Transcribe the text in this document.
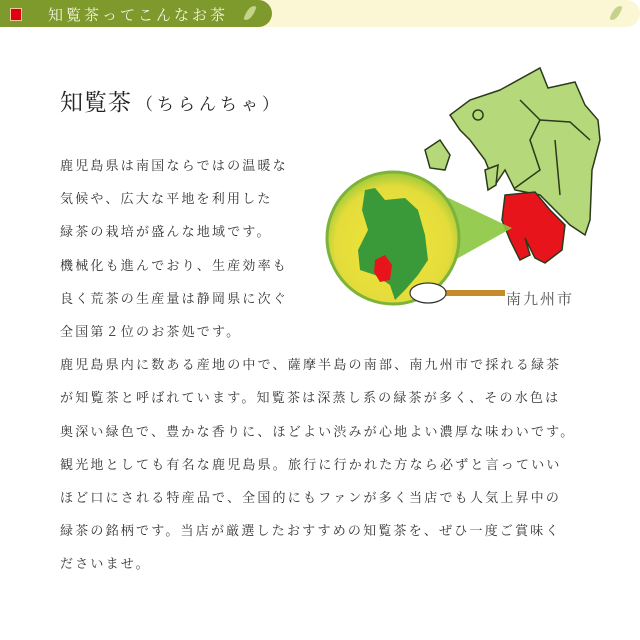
知覧茶ってこんなお茶
知覧茶 （ちらんちゃ）

鹿児島県は南国ならではの温暖な

気候や、広大な平地を利用した

緑茶の栽培が盛んな地域です。

機械化も進んでおり、生産効率も

良く荒茶の生産量は静岡県に次ぐ

全国第２位のお茶処です。

鹿児島県内に数ある産地の中で、薩摩半島の南部、南九州市で採れる緑茶

が知覧茶と呼ばれています。知覧茶は深蒸し系の緑茶が多く、その水色は

奥深い緑色で、豊かな香りに、ほどよい渋みが心地よい濃厚な味わいです。

観光地としても有名な鹿児島県。旅行に行かれた方なら必ずと言っていい

ほど口にされる特産品で、全国的にもファンが多く当店でも人気上昇中の

緑茶の銘柄です。当店が厳選したおすすめの知覧茶を、ぜひ一度ご賞味く

ださいませ。

南九州市
